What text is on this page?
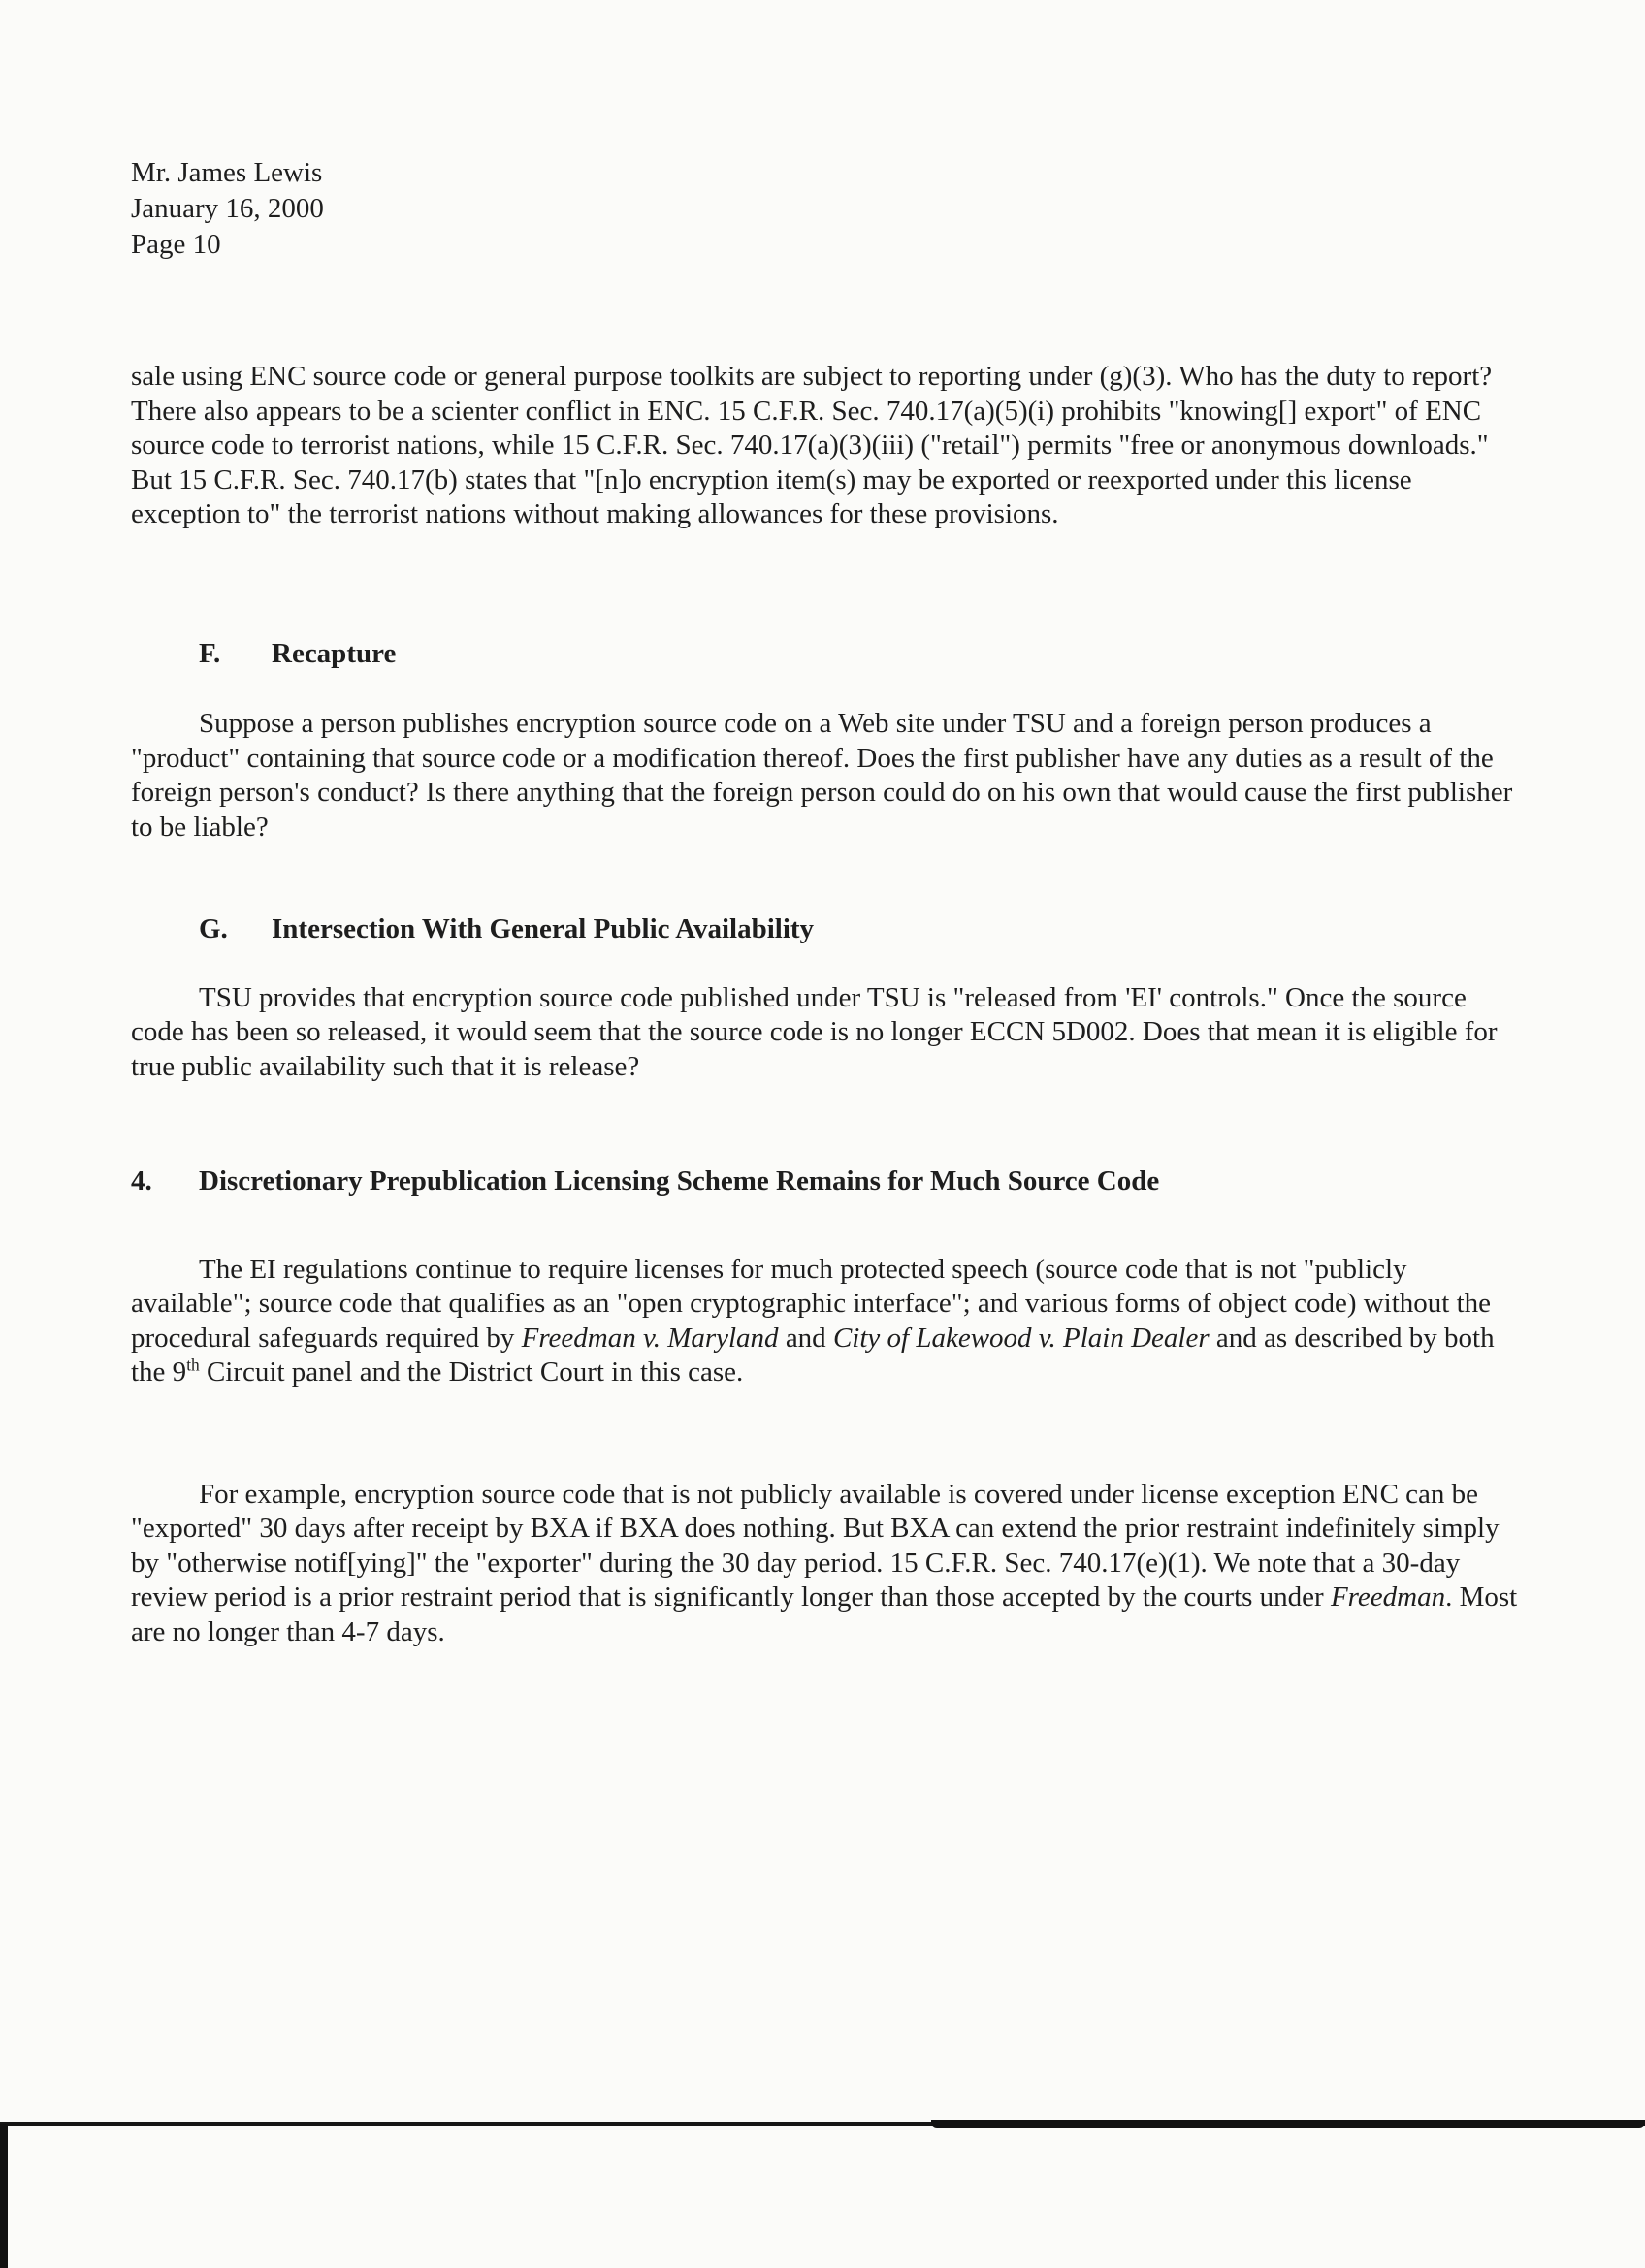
Mr. James Lewis
January 16, 2000
Page 10

sale using ENC source code or general purpose toolkits are subject to reporting under (g)(3). Who has the duty to report? There also appears to be a scienter conflict in ENC. 15 C.F.R. Sec. 740.17(a)(5)(i) prohibits "knowing[] export" of ENC source code to terrorist nations, while 15 C.F.R. Sec. 740.17(a)(3)(iii) ("retail") permits "free or anonymous downloads." But 15 C.F.R. Sec. 740.17(b) states that "[n]o encryption item(s) may be exported or reexported under this license exception to" the terrorist nations without making allowances for these provisions.

F.	Recapture

Suppose a person publishes encryption source code on a Web site under TSU and a foreign person produces a "product" containing that source code or a modification thereof. Does the first publisher have any duties as a result of the foreign person's conduct? Is there anything that the foreign person could do on his own that would cause the first publisher to be liable?

G.	Intersection With General Public Availability

TSU provides that encryption source code published under TSU is "released from 'EI' controls." Once the source code has been so released, it would seem that the source code is no longer ECCN 5D002. Does that mean it is eligible for true public availability such that it is release?

4.	Discretionary Prepublication Licensing Scheme Remains for Much Source Code

The EI regulations continue to require licenses for much protected speech (source code that is not "publicly available"; source code that qualifies as an "open cryptographic interface"; and various forms of object code) without the procedural safeguards required by Freedman v. Maryland and City of Lakewood v. Plain Dealer and as described by both the 9th Circuit panel and the District Court in this case.

For example, encryption source code that is not publicly available is covered under license exception ENC can be "exported" 30 days after receipt by BXA if BXA does nothing. But BXA can extend the prior restraint indefinitely simply by "otherwise notif[ying]" the "exporter" during the 30 day period. 15 C.F.R. Sec. 740.17(e)(1). We note that a 30-day review period is a prior restraint period that is significantly longer than those accepted by the courts under Freedman. Most are no longer than 4-7 days.
